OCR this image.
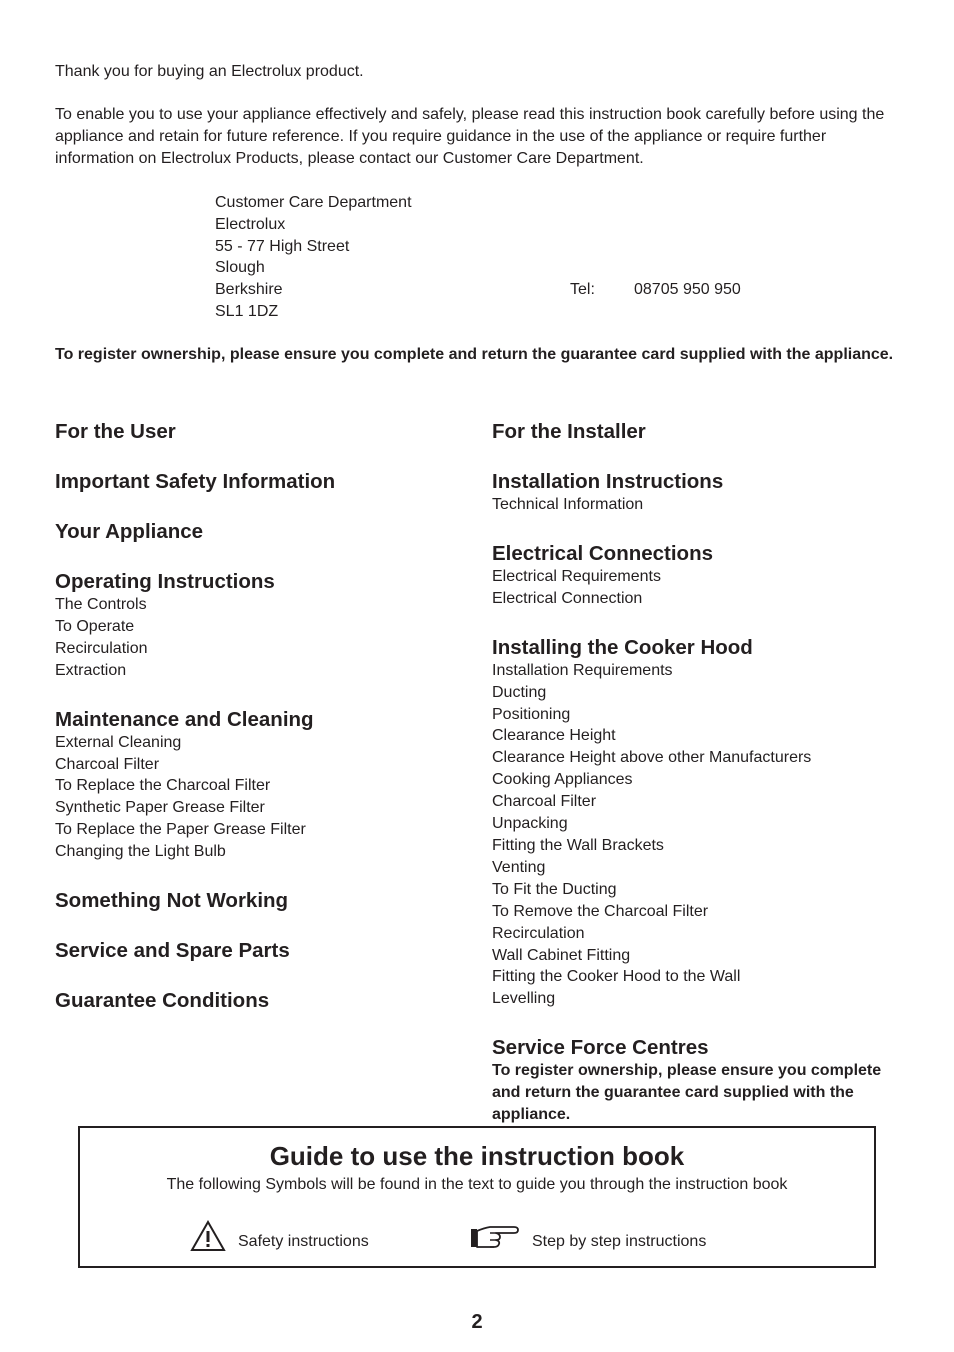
Thank you for buying an Electrolux product.

To enable you to use your appliance effectively and safely, please read this instruction book carefully before using the appliance and retain for future reference. If you require guidance in the use of the appliance or require further information on Electrolux Products, please contact our Customer Care Department.

Customer Care Department
Electrolux
55 - 77 High Street
Slough
Berkshire
SL1 1DZ
Tel: 08705 950 950

To register ownership, please ensure you complete and return the guarantee card supplied with the appliance.

For the User
Important Safety Information
Your Appliance
Operating Instructions
The Controls
To Operate
Recirculation
Extraction
Maintenance and Cleaning
External Cleaning
Charcoal Filter
To Replace the Charcoal Filter
Synthetic Paper Grease Filter
To Replace the Paper Grease Filter
Changing the Light Bulb
Something Not Working
Service and Spare Parts
Guarantee Conditions
For the Installer
Installation Instructions
Technical Information
Electrical Connections
Electrical Requirements
Electrical Connection
Installing the Cooker Hood
Installation Requirements
Ducting
Positioning
Clearance Height
Clearance Height above other Manufacturers
Cooking Appliances
Charcoal Filter
Unpacking
Fitting the Wall Brackets
Venting
To Fit the Ducting
To Remove the Charcoal Filter
Recirculation
Wall Cabinet Fitting
Fitting the Cooker Hood to the Wall
Levelling
Service Force Centres
To register ownership, please ensure you complete and return the guarantee card supplied with the appliance.
Guide to use the instruction book
The following Symbols will be found in the text to guide you through the instruction book
Safety instructions	Step by step instructions
2
